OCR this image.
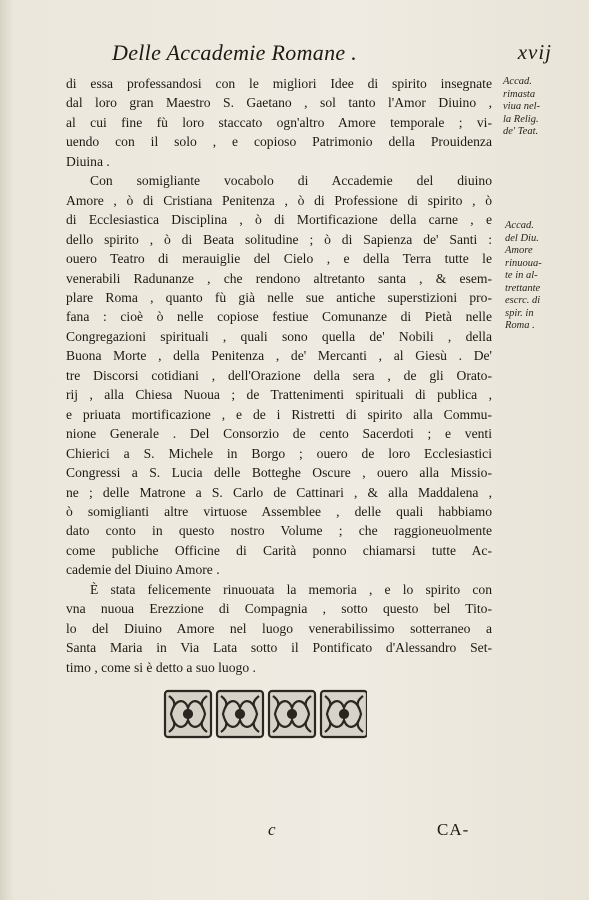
Delle Accademie Romane .	xvij
di essa professandosi con le migliori Idee di spirito insegnate
dal loro gran Maestro S. Gaetano , sol tanto l'Amor Diuino ,
al cui fine fù loro staccato ogn'altro Amore temporale ; vi-
uendo con il solo , e copioso Patrimonio della Prouidenza
Diuina .
Con somigliante vocabolo di Accademie del diuino
Amore , ò di Cristiana Penitenza , ò di Professione di spirito , ò
di Ecclesiastica Disciplina , ò di Mortificazione della carne , e
dello spirito , ò di Beata solitudine ; ò di Sapienza de' Santi :
ouero Teatro di merauiglie del Cielo , e della Terra tutte le
venerabili Radunanze , che rendono altretanto santa , & esem-
plare Roma , quanto fù già nelle sue antiche superstizioni pro-
fana : cioè ò nelle copiose festiue Comunanze di Pietà nelle
Congregazioni spirituali , quali sono quella de' Nobili , della
Buona Morte , della Penitenza , de' Mercanti , al Giesù . De'
tre Discorsi cotidiani , dell'Orazione della sera , de gli Orato-
rij , alla Chiesa Nuoua ; de Trattenimenti spirituali di publica ,
e priuata mortificazione , e de i Ristretti di spirito alla Commu-
nione Generale . Del Consorzio de cento Sacerdoti ; e venti
Chierici a S. Michele in Borgo ; ouero de loro Ecclesiastici
Congressi a S. Lucia delle Botteghe Oscure , ouero alla Missio-
ne ; delle Matrone a S. Carlo de Cattinari , & alla Maddalena ,
ò somiglianti altre virtuose Assemblee , delle quali habbiamo
dato conto in questo nostro Volume ; che raggioneuolmente
come publiche Officine di Carità ponno chiamarsi tutte Ac-
cademie del Diuino Amore .
È stata felicemente rinuouata la memoria , e lo spirito con
vna nuoua Erezzione di Compagnia , sotto questo bel Tito-
lo del Diuino Amore nel luogo venerabilissimo sotterraneo a
Santa Maria in Via Lata sotto il Pontificato d'Alessandro Set-
timo , come si è detto a suo luogo .
Accad.
rimasta
viua nel-
la Relig.
de' Teat.
Accad.
del Diu.
Amore
rinuoua-
te in al-
trettante
escrc. di
spir. in
Roma .
c	CA-
